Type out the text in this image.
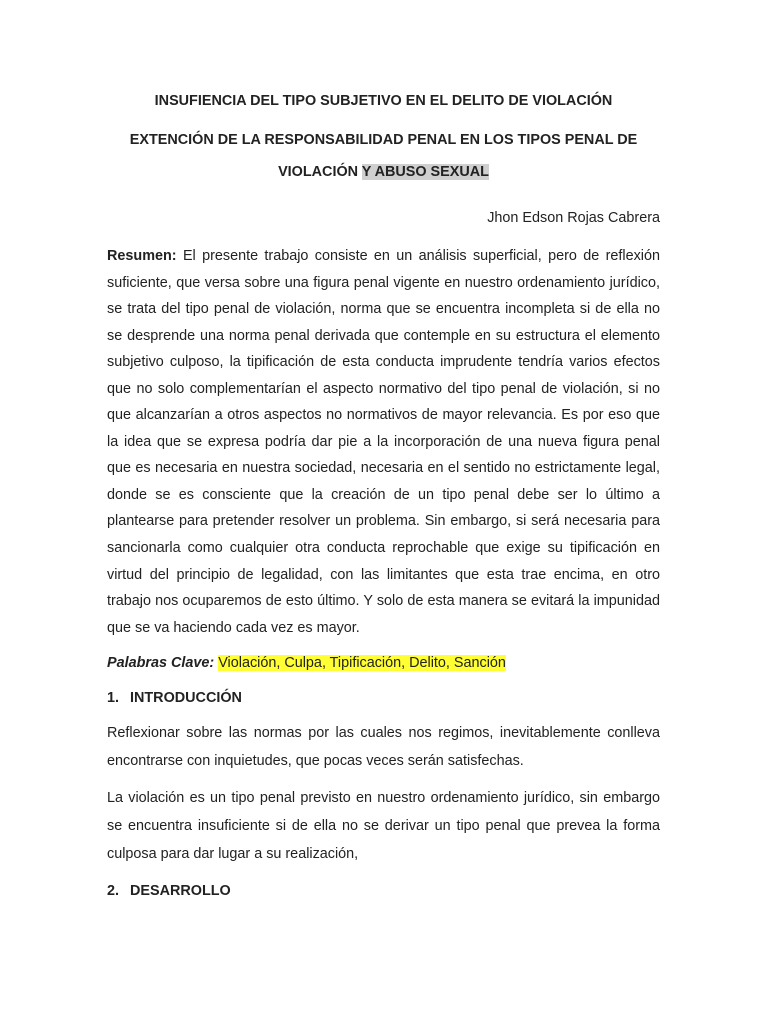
INSUFIENCIA DEL TIPO SUBJETIVO EN EL DELITO DE VIOLACIÓN
EXTENCIÓN DE LA RESPONSABILIDAD PENAL EN LOS TIPOS PENAL DE VIOLACIÓN Y ABUSO SEXUAL
Jhon Edson Rojas Cabrera
Resumen: El presente trabajo consiste en un análisis superficial, pero de reflexión suficiente, que versa sobre una figura penal vigente en nuestro ordenamiento jurídico, se trata del tipo penal de violación, norma que se encuentra incompleta si de ella no se desprende una norma penal derivada que contemple en su estructura el elemento subjetivo culposo, la tipificación de esta conducta imprudente tendría varios efectos que no solo complementarían el aspecto normativo del tipo penal de violación, si no que alcanzarían a otros aspectos no normativos de mayor relevancia. Es por eso que la idea que se expresa podría dar pie a la incorporación de una nueva figura penal que es necesaria en nuestra sociedad, necesaria en el sentido no estrictamente legal, donde se es consciente que la creación de un tipo penal debe ser lo último a plantearse para pretender resolver un problema. Sin embargo, si será necesaria para sancionarla como cualquier otra conducta reprochable que exige su tipificación en virtud del principio de legalidad, con las limitantes que esta trae encima, en otro trabajo nos ocuparemos de esto último. Y solo de esta manera se evitará la impunidad que se va haciendo cada vez es mayor.
Palabras Clave: Violación, Culpa, Tipificación, Delito, Sanción
1. INTRODUCCIÓN
Reflexionar sobre las normas por las cuales nos regimos, inevitablemente conlleva encontrarse con inquietudes, que pocas veces serán satisfechas.
La violación es un tipo penal previsto en nuestro ordenamiento jurídico, sin embargo se encuentra insuficiente si de ella no se derivar un tipo penal que prevea la forma culposa para dar lugar a su realización,
2. DESARROLLO
